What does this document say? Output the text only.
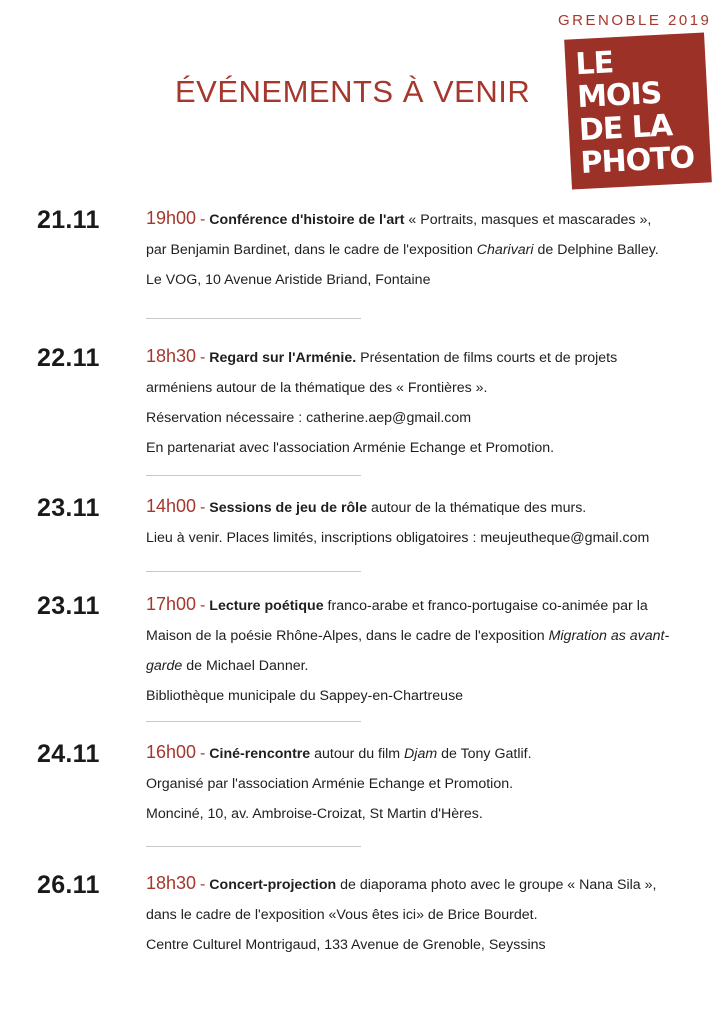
ÉVÉNEMENTS À VENIR
GRENOBLE 2019
LE
MOIS
DE LA
PHOTO
21.11	19h00 - Conférence d'histoire de l'art « Portraits, masques et mascarades »,
par Benjamin Bardinet, dans le cadre de l'exposition Charivari de Delphine Balley.
Le VOG, 10 Avenue Aristide Briand, Fontaine
22.11	18h30 - Regard sur l'Arménie. Présentation de films courts et de projets
arméniens autour de la thématique des « Frontières ».
Réservation nécessaire : catherine.aep@gmail.com
En partenariat avec l'association Arménie Echange et Promotion.
23.11	14h00 - Sessions de jeu de rôle autour de la thématique des murs.
Lieu à venir. Places limités, inscriptions obligatoires : meujeutheque@gmail.com
23.11	17h00 - Lecture poétique franco-arabe et franco-portugaise co-animée par la
Maison de la poésie Rhône-Alpes, dans le cadre de l'exposition Migration as avant-
garde de Michael Danner.
Bibliothèque municipale du Sappey-en-Chartreuse
24.11	16h00 - Ciné-rencontre autour du film Djam de Tony Gatlif.
Organisé par l'association Arménie Echange et Promotion.
Monciné, 10, av. Ambroise-Croizat, St Martin d'Hères.
26.11	18h30 - Concert-projection de diaporama photo avec le groupe « Nana Sila »,
dans le cadre de l'exposition «Vous êtes ici» de Brice Bourdet.
Centre Culturel Montrigaud, 133 Avenue de Grenoble, Seyssins
